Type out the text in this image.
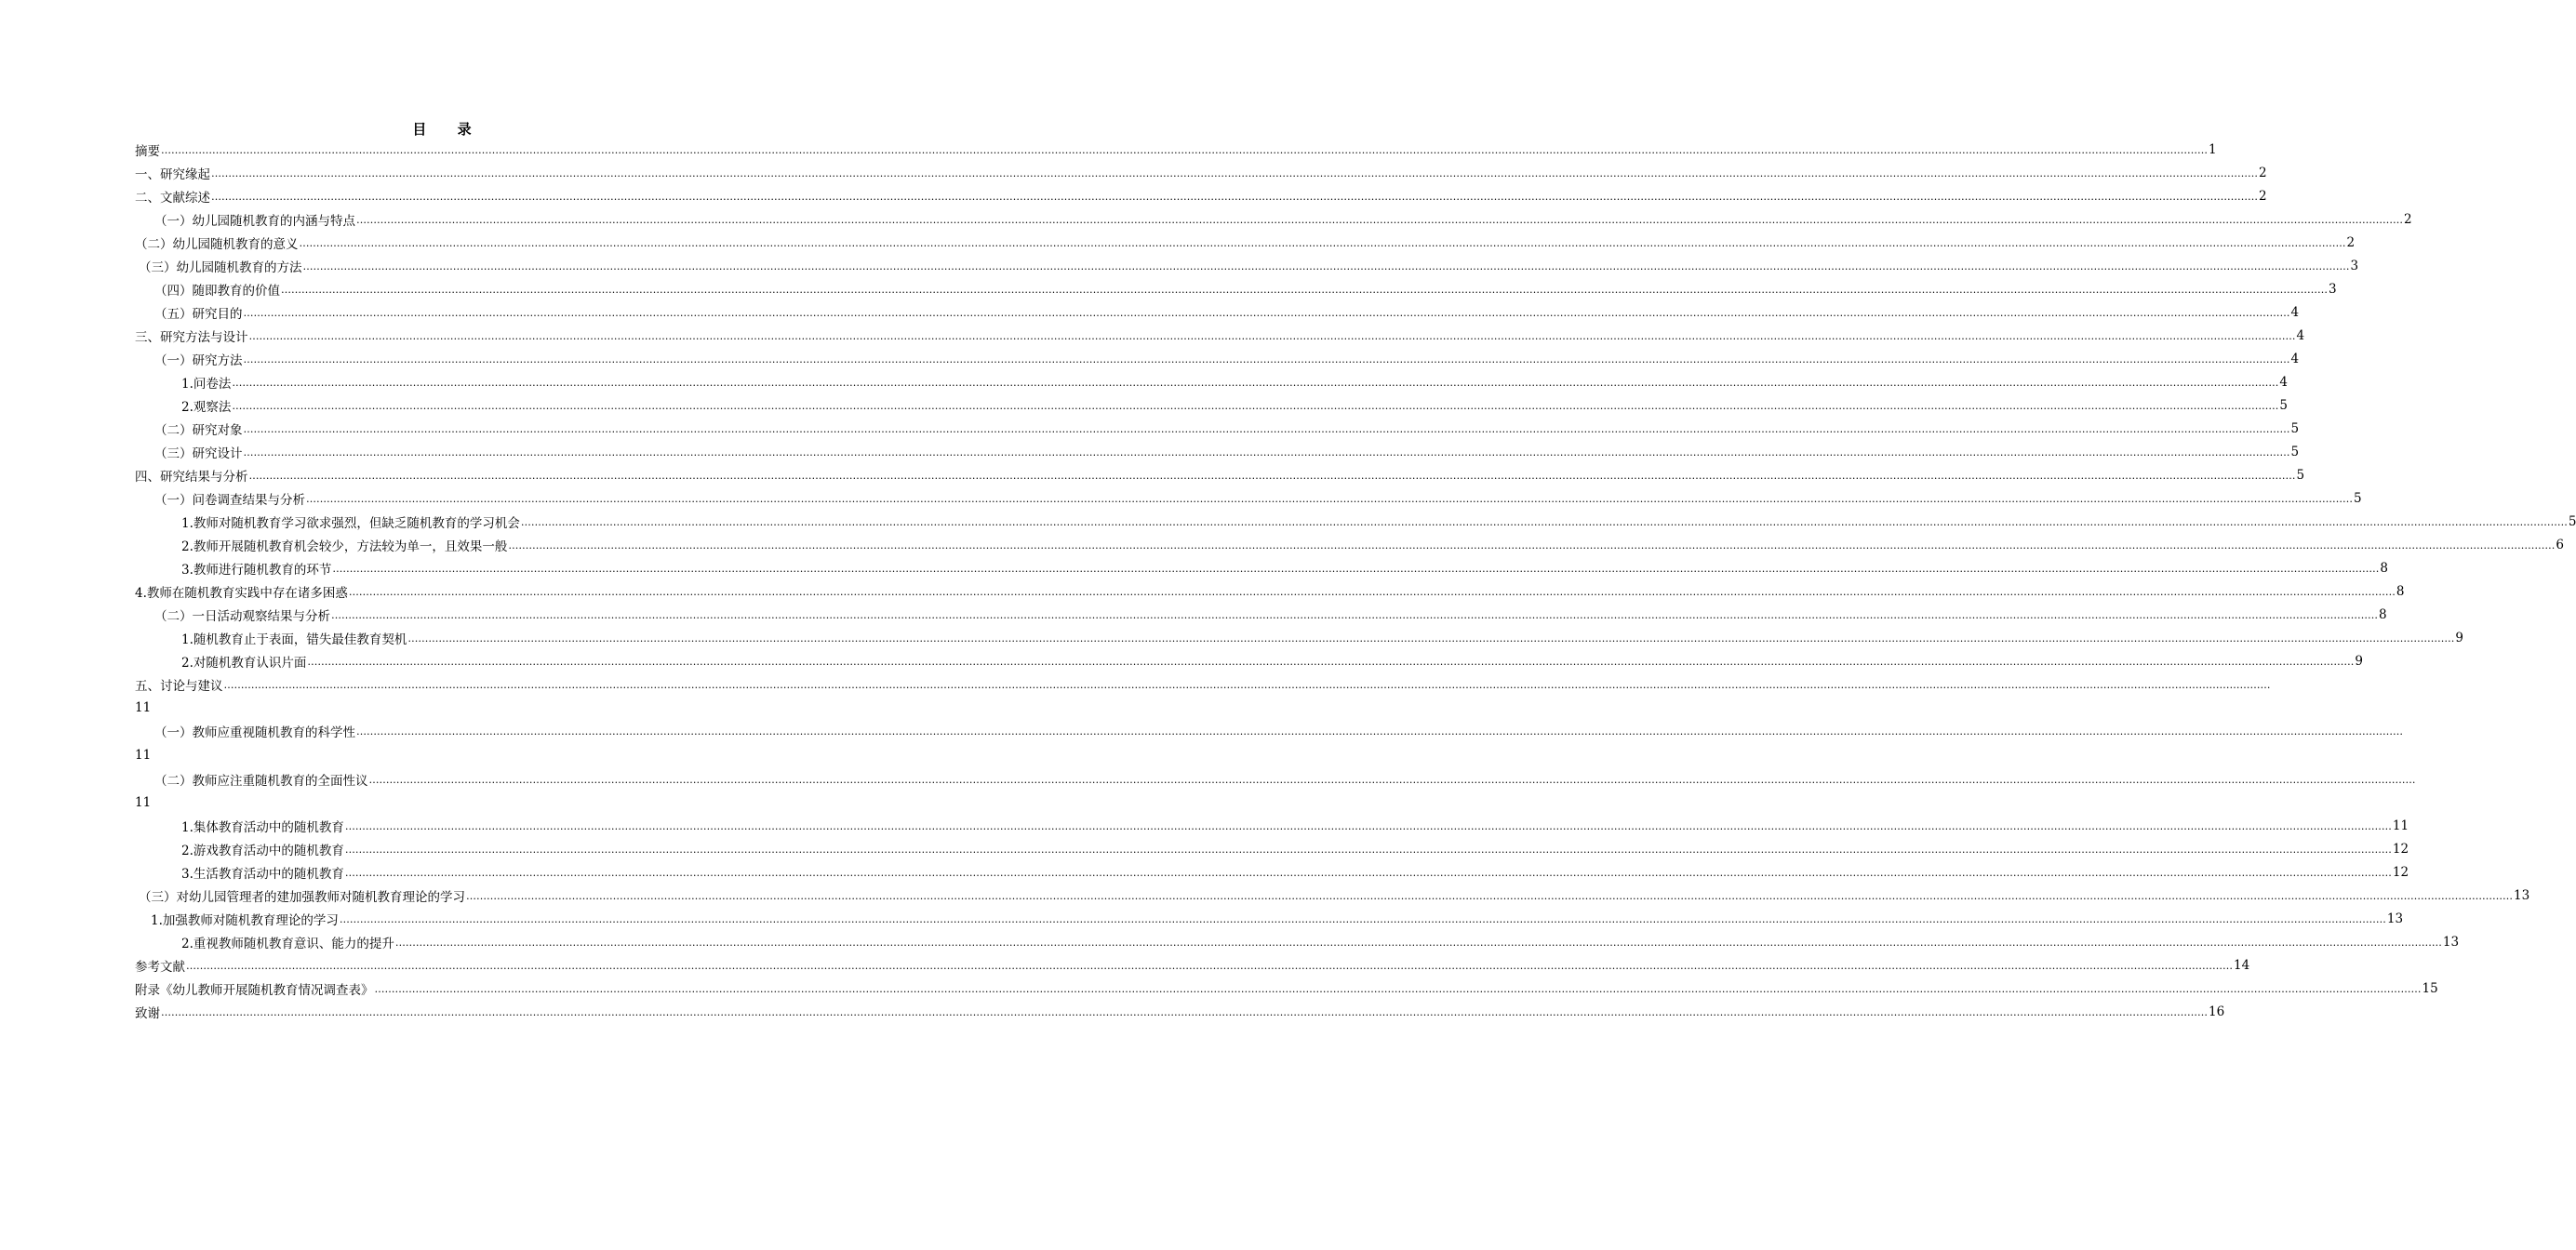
目 录
摘要 …………………………………………………………………………………………………………………………………………………………………………………………………………………………………………………………………………………………………………………………………………………………………………………………………………………………………………………………………………………………………………………………………………………… 1
一、研究缘起 …………………………………………………………………………………………………………………………………………………………………………………………………………………………………………………………………………………………………………………………………………………………………………………………………………………………………………………………………………………………………………………………………………………… 2
二、文献综述 …………………………………………………………………………………………………………………………………………………………………………………………………………………………………………………………………………………………………………………………………………………………………………………………………………………………………………………………………………………………………………………………………………………… 2
（一）幼儿园随机教育的内涵与特点 …………………………………………………………………………………………………………………………………………………………………………………………………………………………………………………………………………………………………………………………………………………………………………………………………………………………………………………………………………………………………………………………………………………… 2
（二）幼儿园随机教育的意义 …………………………………………………………………………………………………………………………………………………………………………………………………………………………………………………………………………………………………………………………………………………………………………………………………………………………………………………………………………………………………………………………………………………… 2
（三）幼儿园随机教育的方法 …………………………………………………………………………………………………………………………………………………………………………………………………………………………………………………………………………………………………………………………………………………………………………………………………………………………………………………………………………………………………………………………………………………… 3
（四）随即教育的价值 …………………………………………………………………………………………………………………………………………………………………………………………………………………………………………………………………………………………………………………………………………………………………………………………………………………………………………………………………………………………………………………………………………………… 3
（五）研究目的 …………………………………………………………………………………………………………………………………………………………………………………………………………………………………………………………………………………………………………………………………………………………………………………………………………………………………………………………………………………………………………………………………………………… 4
三、研究方法与设计 …………………………………………………………………………………………………………………………………………………………………………………………………………………………………………………………………………………………………………………………………………………………………………………………………………………………………………………………………………………………………………………………………………………… 4
（一）研究方法 …………………………………………………………………………………………………………………………………………………………………………………………………………………………………………………………………………………………………………………………………………………………………………………………………………………………………………………………………………………………………………………………………………………… 4
1.问卷法 …………………………………………………………………………………………………………………………………………………………………………………………………………………………………………………………………………………………………………………………………………………………………………………………………………………………………………………………………………………………………………………………………………………… 4
2.观察法 …………………………………………………………………………………………………………………………………………………………………………………………………………………………………………………………………………………………………………………………………………………………………………………………………………………………………………………………………………………………………………………………………………………… 5
（二）研究对象 …………………………………………………………………………………………………………………………………………………………………………………………………………………………………………………………………………………………………………………………………………………………………………………………………………………………………………………………………………………………………………………………………………………… 5
（三）研究设计 …………………………………………………………………………………………………………………………………………………………………………………………………………………………………………………………………………………………………………………………………………………………………………………………………………………………………………………………………………………………………………………………………………………… 5
四、研究结果与分析 …………………………………………………………………………………………………………………………………………………………………………………………………………………………………………………………………………………………………………………………………………………………………………………………………………………………………………………………………………………………………………………………………………………… 5
（一）问卷调查结果与分析 …………………………………………………………………………………………………………………………………………………………………………………………………………………………………………………………………………………………………………………………………………………………………………………………………………………………………………………………………………………………………………………………………………………… 5
1.教师对随机教育学习欲求强烈，但缺乏随机教育的学习机会 …………………………………………………………………………………………………………………………………………………………………………………………………………………………………………………………………………………………………………………………………………………………………………………………………………………………………………………………………………………………………………………………………………………… 5
2.教师开展随机教育机会较少，方法较为单一，且效果一般 …………………………………………………………………………………………………………………………………………………………………………………………………………………………………………………………………………………………………………………………………………………………………………………………………………………………………………………………………………………………………………………………………………………… 6
3.教师进行随机教育的环节 …………………………………………………………………………………………………………………………………………………………………………………………………………………………………………………………………………………………………………………………………………………………………………………………………………………………………………………………………………………………………………………………………………………… 8
4.教师在随机教育实践中存在诸多困惑 …………………………………………………………………………………………………………………………………………………………………………………………………………………………………………………………………………………………………………………………………………………………………………………………………………………………………………………………………………………………………………………………………………………… 8
（二）一日活动观察结果与分析 …………………………………………………………………………………………………………………………………………………………………………………………………………………………………………………………………………………………………………………………………………………………………………………………………………………………………………………………………………………………………………………………………………………… 8
1.随机教育止于表面，错失最佳教育契机 …………………………………………………………………………………………………………………………………………………………………………………………………………………………………………………………………………………………………………………………………………………………………………………………………………………………………………………………………………………………………………………………………………………… 9
2.对随机教育认识片面 …………………………………………………………………………………………………………………………………………………………………………………………………………………………………………………………………………………………………………………………………………………………………………………………………………………………………………………………………………………………………………………………………………………… 9
五、讨论与建议 ……………………………………………………………………………………………………………………………………………………………………………………………………………………………………………………………………………………………………………………………………………………………………………………………………………………………………………………………………………………………………………………………………………………
11
（一）教师应重视随机教育的科学性 ……………………………………………………………………………………………………………………………………………………………………………………………………………………………………………………………………………………………………………………………………………………………………………………………………………………………………………………………………………………………………………………………………………………
11
（二）教师应注重随机教育的全面性议 ……………………………………………………………………………………………………………………………………………………………………………………………………………………………………………………………………………………………………………………………………………………………………………………………………………………………………………………………………………………………………………………………………………………
11
1.集体教育活动中的随机教育 …………………………………………………………………………………………………………………………………………………………………………………………………………………………………………………………………………………………………………………………………………………………………………………………………………………………………………………………………………………………………………………………………………………… 11
2.游戏教育活动中的随机教育 …………………………………………………………………………………………………………………………………………………………………………………………………………………………………………………………………………………………………………………………………………………………………………………………………………………………………………………………………………………………………………………………………………………… 12
3.生活教育活动中的随机教育 …………………………………………………………………………………………………………………………………………………………………………………………………………………………………………………………………………………………………………………………………………………………………………………………………………………………………………………………………………………………………………………………………………………… 12
（三）对幼儿园管理者的建加强教师对随机教育理论的学习 …………………………………………………………………………………………………………………………………………………………………………………………………………………………………………………………………………………………………………………………………………………………………………………………………………………………………………………………………………………………………………………………………………………… 13
1.加强教师对随机教育理论的学习 …………………………………………………………………………………………………………………………………………………………………………………………………………………………………………………………………………………………………………………………………………………………………………………………………………………………………………………………………………………………………………………………………………………… 13
2.重视教师随机教育意识、能力的提升 …………………………………………………………………………………………………………………………………………………………………………………………………………………………………………………………………………………………………………………………………………………………………………………………………………………………………………………………………………………………………………………………………………………… 13
参考文献 …………………………………………………………………………………………………………………………………………………………………………………………………………………………………………………………………………………………………………………………………………………………………………………………………………………………………………………………………………………………………………………………………………………… 14
附录《幼儿教师开展随机教育情况调查表》 …………………………………………………………………………………………………………………………………………………………………………………………………………………………………………………………………………………………………………………………………………………………………………………………………………………………………………………………………………………………………………………………………………………… 15
致谢 …………………………………………………………………………………………………………………………………………………………………………………………………………………………………………………………………………………………………………………………………………………………………………………………………………………………………………………………………………………………………………………………………………………… 16
